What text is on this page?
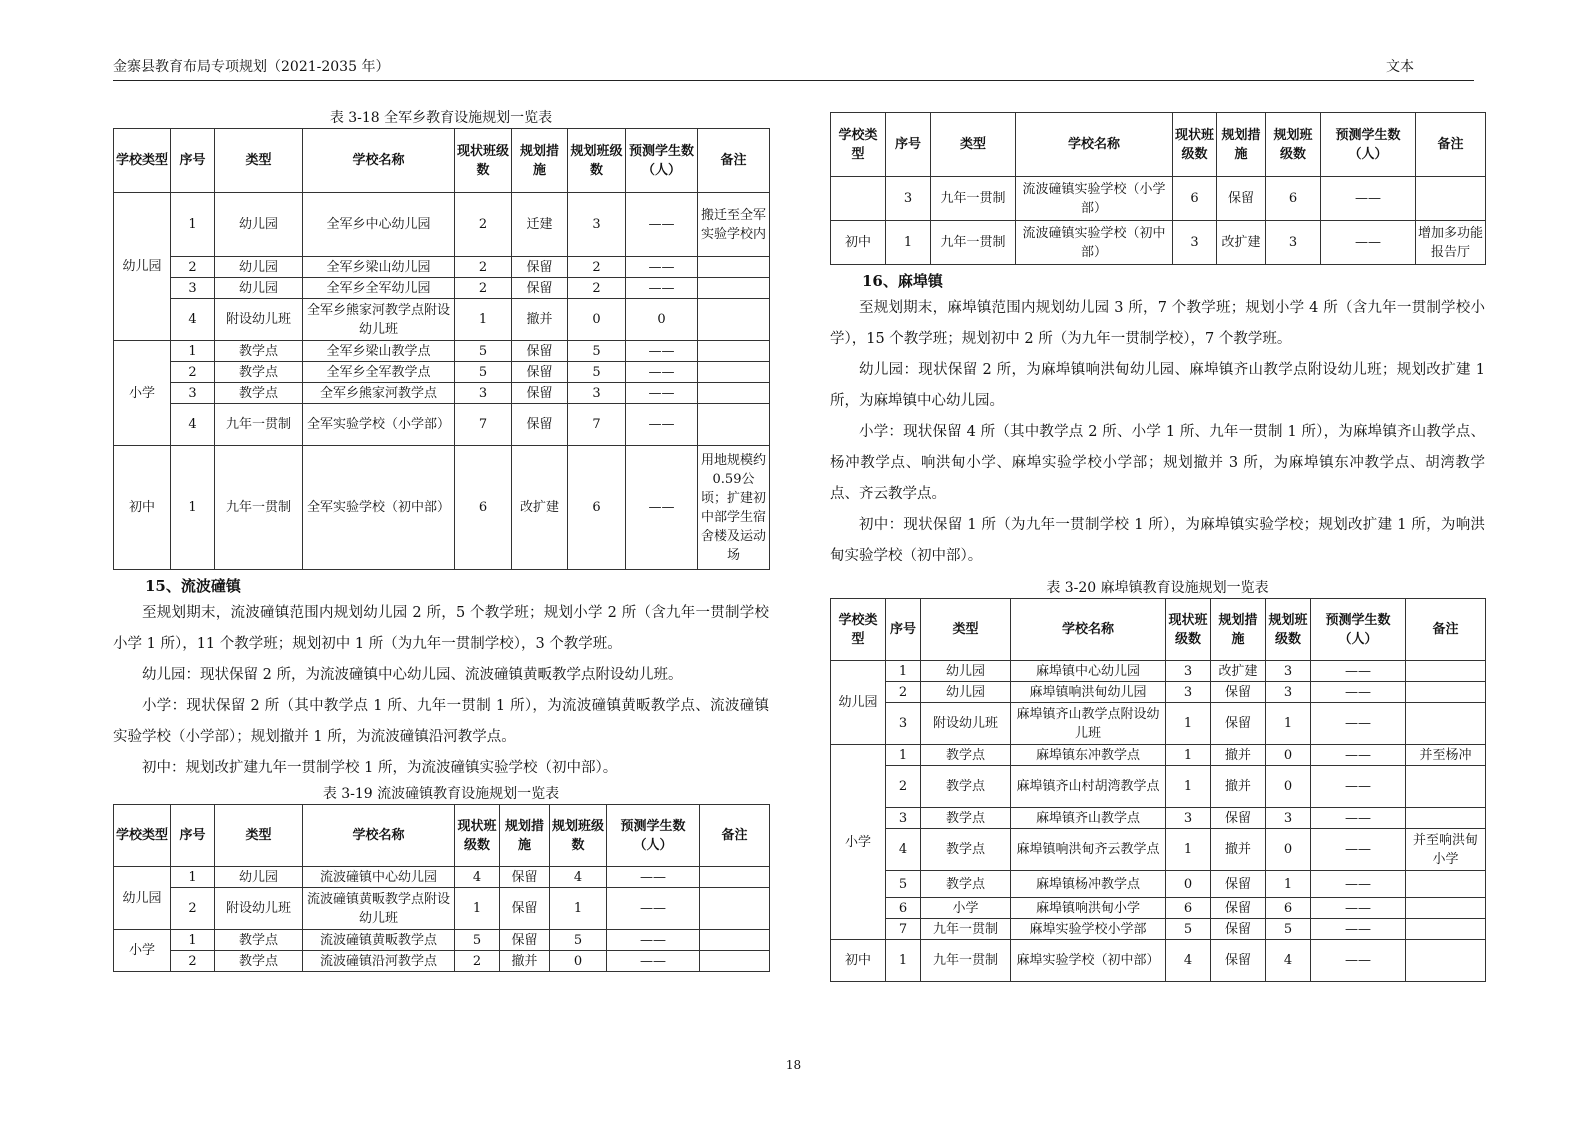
金寨县教育布局专项规划（2021-2035 年）	文本
表 3-18 全军乡教育设施规划一览表
学校类型	序号	类型	学校名称	现状班级数	规划措施	规划班级数	预测学生数（人）	备注
幼儿园	1	幼儿园	全军乡中心幼儿园	2	迁建	3	——	搬迁至全军实验学校内
	2	幼儿园	全军乡梁山幼儿园	2	保留	2	——	
	3	幼儿园	全军乡全军幼儿园	2	保留	2	——	
	4	附设幼儿班	全军乡熊家河教学点附设幼儿班	1	撤并	0	0	
小学	1	教学点	全军乡梁山教学点	5	保留	5	——	
	2	教学点	全军乡全军教学点	5	保留	5	——	
	3	教学点	全军乡熊家河教学点	3	保留	3	——	
	4	九年一贯制	全军实验学校（小学部）	7	保留	7	——	
初中	1	九年一贯制	全军实验学校（初中部）	6	改扩建	6	——	用地规模约0.59公顷；扩建初中部学生宿舍楼及运动场
15、流波䃥镇

至规划期末，流波䃥镇范围内规划幼儿园 2 所，5 个教学班；规划小学 2 所（含九年一贯制学校小学 1 所），11 个教学班；规划初中 1 所（为九年一贯制学校），3 个教学班。

幼儿园：现状保留 2 所，为流波䃥镇中心幼儿园、流波䃥镇黄畈教学点附设幼儿班。

小学：现状保留 2 所（其中教学点 1 所、九年一贯制 1 所），为流波䃥镇黄畈教学点、流波䃥镇实验学校（小学部）；规划撤并 1 所，为流波䃥镇沿河教学点。

初中：规划改扩建九年一贯制学校 1 所，为流波䃥镇实验学校（初中部）。

表 3-19 流波䃥镇教育设施规划一览表
学校类型	序号	类型	学校名称	现状班级数	规划措施	规划班级数	预测学生数（人）	备注
幼儿园	1	幼儿园	流波䃥镇中心幼儿园	4	保留	4	——	
	2	附设幼儿班	流波䃥镇黄畈教学点附设幼儿班	1	保留	1	——	
小学	1	教学点	流波䃥镇黄畈教学点	5	保留	5	——	
	2	教学点	流波䃥镇沿河教学点	2	撤并	0	——	
学校类型	序号	类型	学校名称	现状班级数	规划措施	规划班级数	预测学生数（人）	备注
	3	九年一贯制	流波䃥镇实验学校（小学部）	6	保留	6	——	
初中	1	九年一贯制	流波䃥镇实验学校（初中部）	3	改扩建	3	——	增加多功能报告厅
16、麻埠镇

至规划期末，麻埠镇范围内规划幼儿园 3 所，7 个教学班；规划小学 4 所（含九年一贯制学校小学），15 个教学班；规划初中 2 所（为九年一贯制学校），7 个教学班。

幼儿园：现状保留 2 所，为麻埠镇响洪甸幼儿园、麻埠镇齐山教学点附设幼儿班；规划改扩建 1 所，为麻埠镇中心幼儿园。

小学：现状保留 4 所（其中教学点 2 所、小学 1 所、九年一贯制 1 所），为麻埠镇齐山教学点、杨冲教学点、响洪甸小学、麻埠实验学校小学部；规划撤并 3 所，为麻埠镇东冲教学点、胡湾教学点、齐云教学点。

初中：现状保留 1 所（为九年一贯制学校 1 所），为麻埠镇实验学校；规划改扩建 1 所，为响洪甸实验学校（初中部）。

表 3-20 麻埠镇教育设施规划一览表
学校类型	序号	类型	学校名称	现状班级数	规划措施	规划班级数	预测学生数（人）	备注
幼儿园	1	幼儿园	麻埠镇中心幼儿园	3	改扩建	3	——	
	2	幼儿园	麻埠镇响洪甸幼儿园	3	保留	3	——	
	3	附设幼儿班	麻埠镇齐山教学点附设幼儿班	1	保留	1	——	
小学	1	教学点	麻埠镇东冲教学点	1	撤并	0	——	并至杨冲
	2	教学点	麻埠镇齐山村胡湾教学点	1	撤并	0	——	
	3	教学点	麻埠镇齐山教学点	3	保留	3	——	
	4	教学点	麻埠镇响洪甸齐云教学点	1	撤并	0	——	并至响洪甸小学
	5	教学点	麻埠镇杨冲教学点	0	保留	1	——	
	6	小学	麻埠镇响洪甸小学	6	保留	6	——	
	7	九年一贯制	麻埠实验学校小学部	5	保留	5	——	
初中	1	九年一贯制	麻埠实验学校（初中部）	4	保留	4	——	
18
